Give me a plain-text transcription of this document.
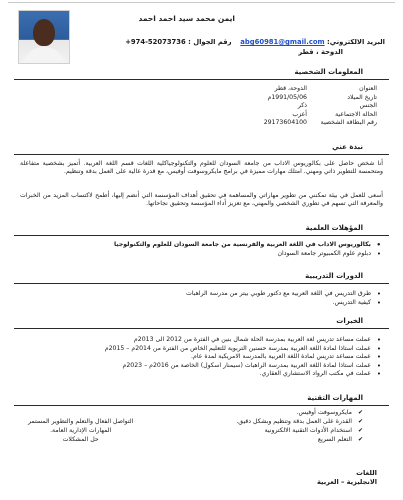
ايمن محمد سيد احمد احمد
البريد الالكتروني: abg60981@gmail.com  رقم الجوال : +974-52073736
الدوحة ، قطر
المعلومات الشخصية
العنوان
الدوحة، قطر
تاريخ الميلاد
1991/05/06م
الجنس
ذكر
الحالة الاجتماعية
أعزب
رقم البطاقة الشخصية
29173604100
نبذة عني
أنا شخص حاصل على بكالوريوس الاداب من جامعة السودان للعلوم والتكنولوجياكلية اللغات قسم اللغة العربية. أتميز بشخصية متفاعلة ومتحمسة للتطوير ذاتي ومهني. امتلك مهارات مميزة في برامج مايكروسوفت أوفيس، مع قدرة عالية على العمل بدقة وتنظيم.
أسعى للعمل في بيئة تمكنني من تطوير مهاراتي والمساهمة في تحقيق أهداف المؤسسة التي أنضم إليها، أطمح لاكتساب المزيد من الخبرات والمعرفة التي تسهم في تطوري الشخصي والمهني، مع تعزيز أداء المؤسسة وتحقيق نجاحاتها.
المؤهلات العلمية
• بكالوريوس الاداب في اللغة العربية والفرنسية من جامعة السودان للعلوم والتكنولوجيا
• دبلوم علوم الكمبيوتر جامعة السودان
الدورات التدريبية
• طرق التدريس في اللغة العربية مع دكتور طوبي بيتر من مدرسة الراهبات
• كيفية التدريس.
الخبرات
• عملت مساعد تدريس لغة العربية بمدرسة الحلة شمال بنين في الفترة من 2012 الى 2013م
• عملت استاذا لمادة اللغة العربية بمدرسة حسنين التربوية للتعليم الخاص من الفترة من 2014م – 2015م
• عملت مساعد تدريس لمادة اللغة العربية بالمدرسة الامريكية لمدة عام.
• عملت استاذا لمادة اللغة العربية بمدرسة الراهبات (سيمنار اسكول) الخاصة من 2016م – 2023م
• عملت في مكتب الرواد الاستشاري العقاري.
المهارات التقنية
✔ مايكروسوفت أوفيس.
✔ القدرة على العمل بدقة وتنظيم وبشكل دقيق.
✔ استخدام الأدوات التقنية الالكترونية
✔ التعلم السريع
التواصل الفعال والتعلم والتطوير المستمر
المهارات الإدارية العامة.
حل المشكلات
اللغات
الانجليزية – العربية
